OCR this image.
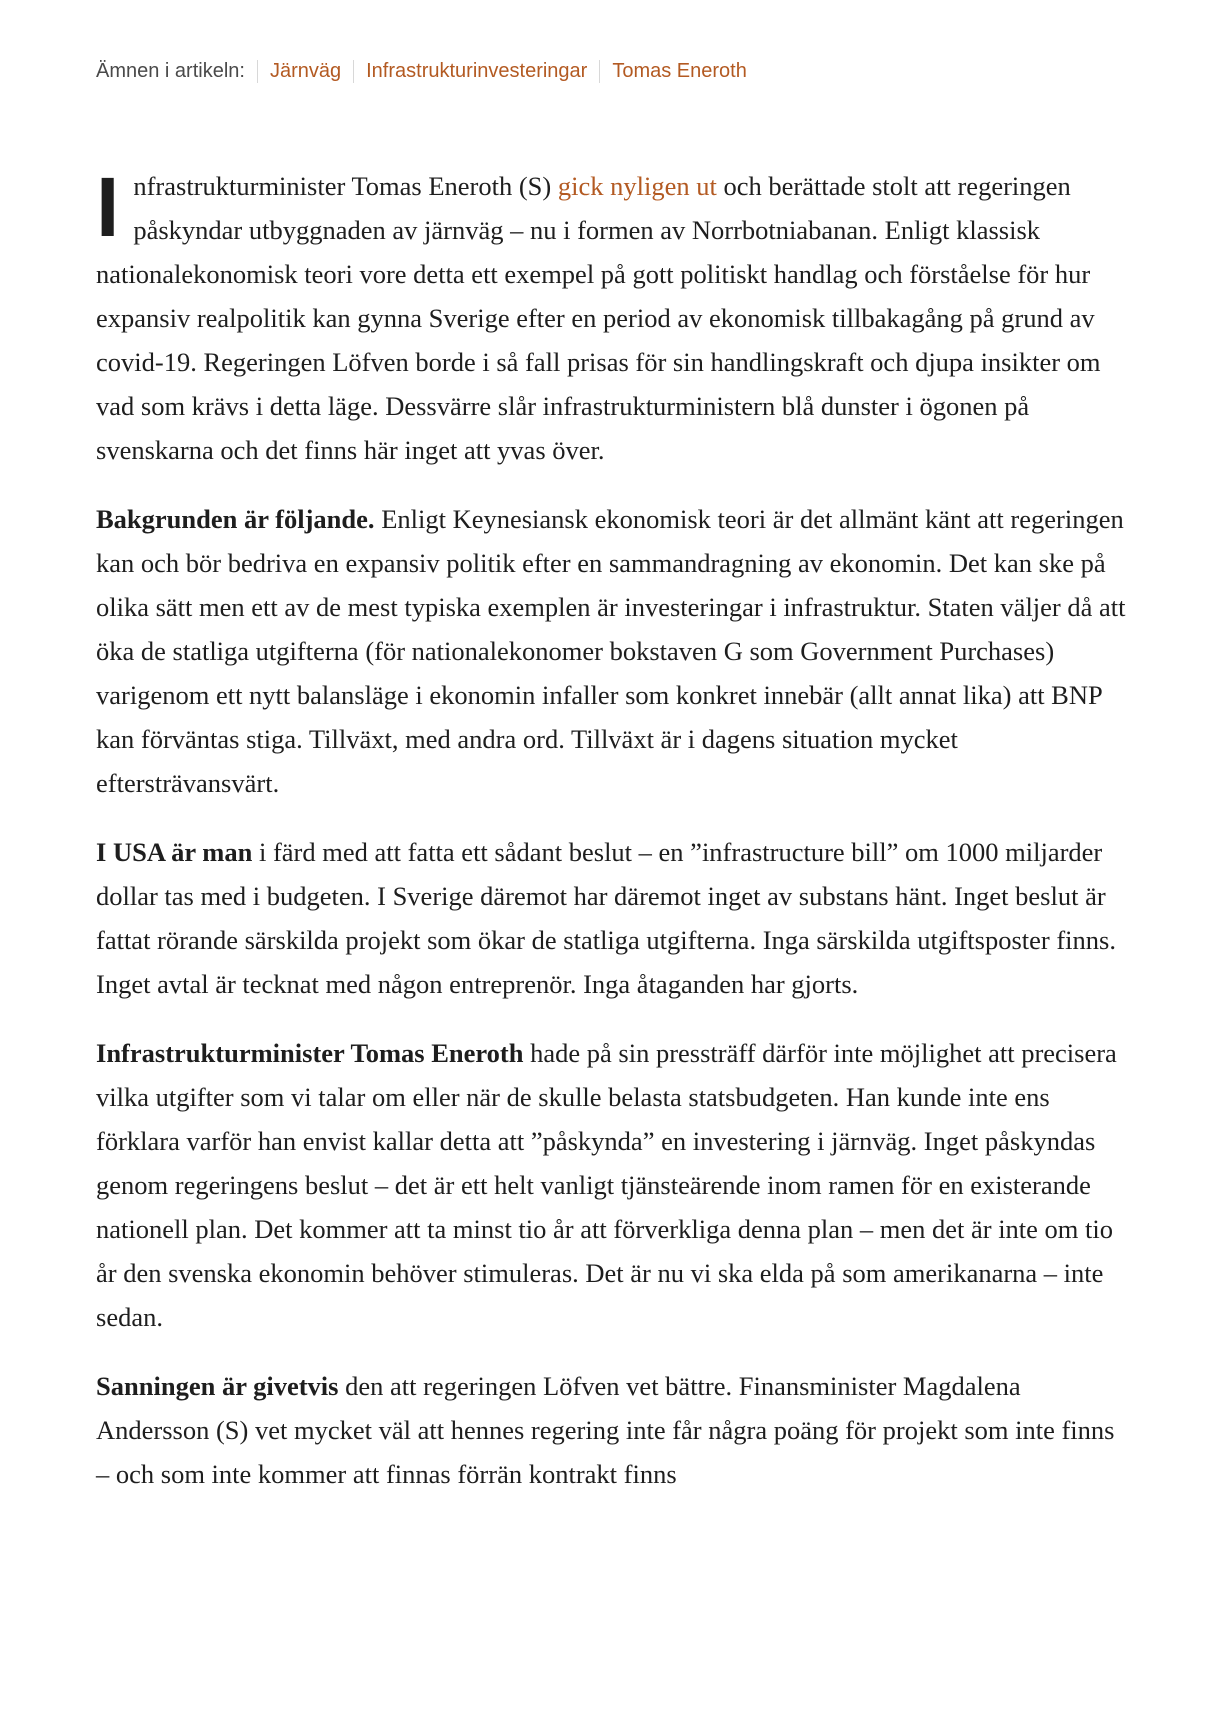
Ämnen i artikeln:	Järnväg	Infrastrukturinvesteringar	Tomas Eneroth

Infrastrukturminister Tomas Eneroth (S) gick nyligen ut och berättade stolt att regeringen påskyndar utbyggnaden av järnväg – nu i formen av Norrbotniabanan. Enligt klassisk nationalekonomisk teori vore detta ett exempel på gott politiskt handlag och förståelse för hur expansiv realpolitik kan gynna Sverige efter en period av ekonomisk tillbakagång på grund av covid-19. Regeringen Löfven borde i så fall prisas för sin handlingskraft och djupa insikter om vad som krävs i detta läge. Dessvärre slår infrastrukturministern blå dunster i ögonen på svenskarna och det finns här inget att yvas över.

Bakgrunden är följande. Enligt Keynesiansk ekonomisk teori är det allmänt känt att regeringen kan och bör bedriva en expansiv politik efter en sammandragning av ekonomin. Det kan ske på olika sätt men ett av de mest typiska exemplen är investeringar i infrastruktur. Staten väljer då att öka de statliga utgifterna (för nationalekonomer bokstaven G som Government Purchases) varigenom ett nytt balansläge i ekonomin infaller som konkret innebär (allt annat lika) att BNP kan förväntas stiga. Tillväxt, med andra ord. Tillväxt är i dagens situation mycket eftersträvansvärt.

I USA är man i färd med att fatta ett sådant beslut – en ”infrastructure bill” om 1000 miljarder dollar tas med i budgeten. I Sverige däremot har däremot inget av substans hänt. Inget beslut är fattat rörande särskilda projekt som ökar de statliga utgifterna. Inga särskilda utgiftsposter finns. Inget avtal är tecknat med någon entreprenör. Inga åtaganden har gjorts.

Infrastrukturminister Tomas Eneroth hade på sin pressträff därför inte möjlighet att precisera vilka utgifter som vi talar om eller när de skulle belasta statsbudgeten. Han kunde inte ens förklara varför han envist kallar detta att ”påskynda” en investering i järnväg. Inget påskyndas genom regeringens beslut – det är ett helt vanligt tjänsteärende inom ramen för en existerande nationell plan. Det kommer att ta minst tio år att förverkliga denna plan – men det är inte om tio år den svenska ekonomin behöver stimuleras. Det är nu vi ska elda på som amerikanarna – inte sedan.

Sanningen är givetvis den att regeringen Löfven vet bättre. Finansminister Magdalena Andersson (S) vet mycket väl att hennes regering inte får några poäng för projekt som inte finns – och som inte kommer att finnas förrän kontrakt finns
